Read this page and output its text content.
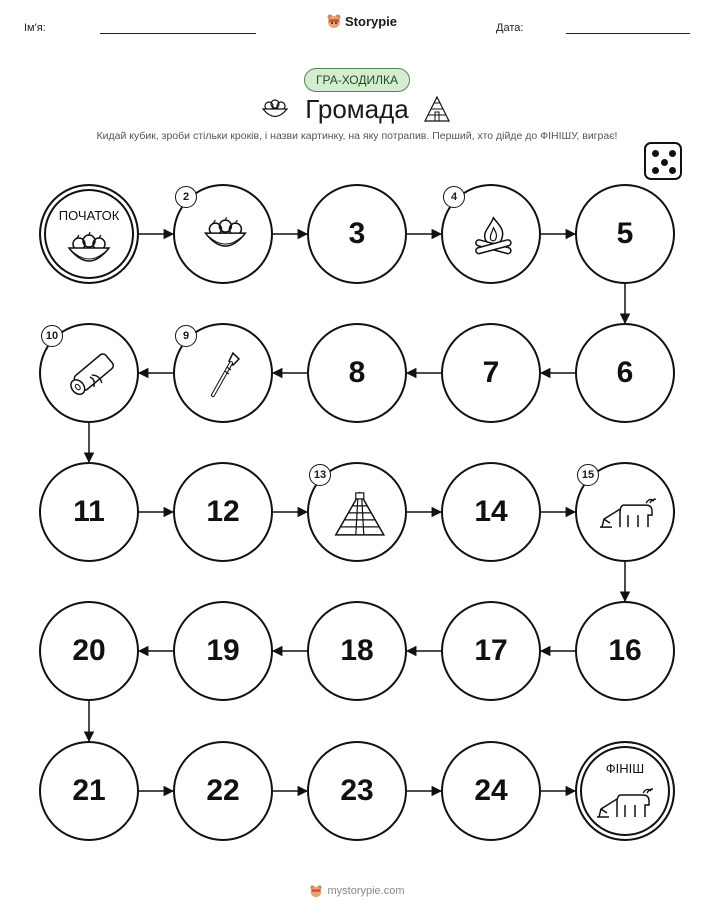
Ім'я:	Storypie	Дата:
ГРА-ХОДИЛКА
Громада
Кидай кубик, зроби стільки кроків, і назви картинку, на яку потрапив. Перший, хто дійде до ФІНІШУ, виграє!
ПОЧАТОК
2
3
4
5
6
7
8
9
10
11	12
13
14
15
16
17
18
19
20
21	22	23	24
ФІНІШ
mystorypie.com
